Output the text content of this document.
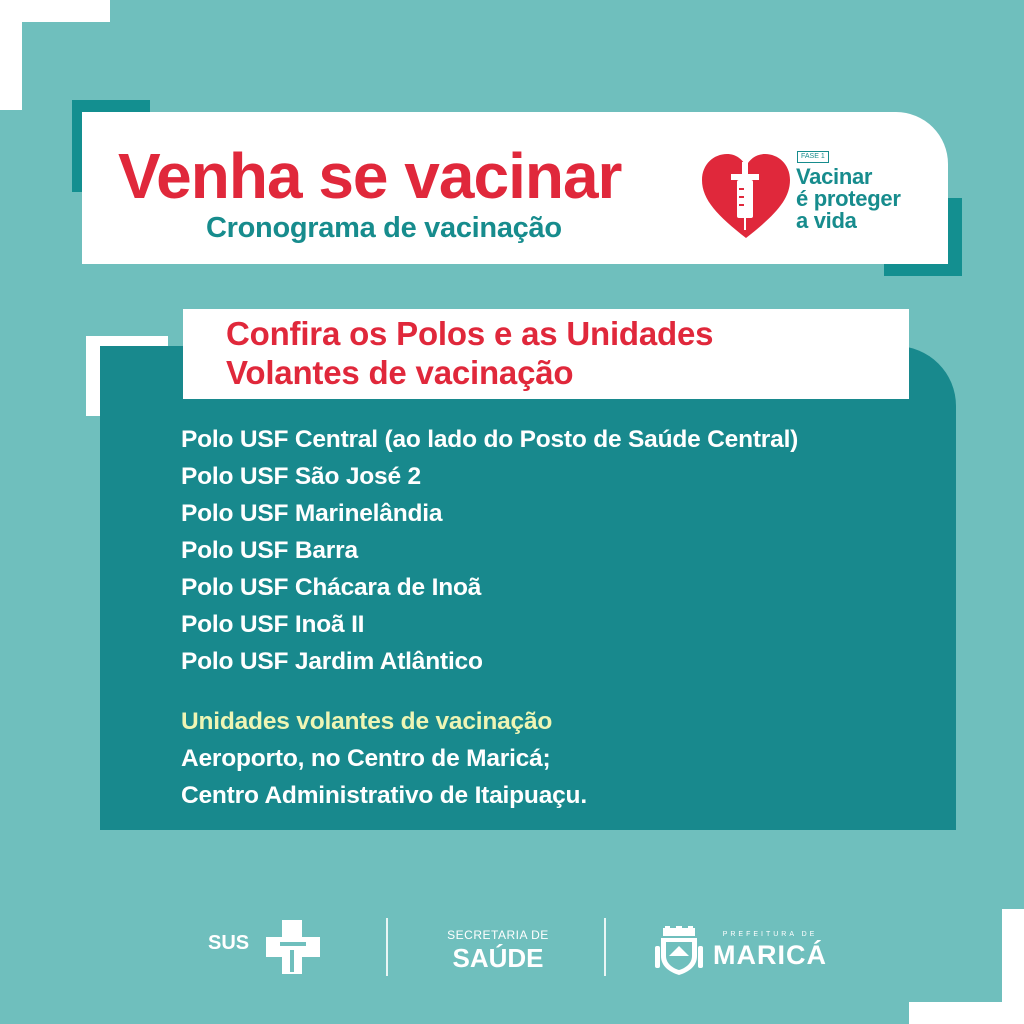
Venha se vacinar
Cronograma de vacinação
FASE 1
Vacinar
é proteger
a vida
Confira os Polos e as Unidades
Volantes de vacinação
Polo USF Central (ao lado do Posto de Saúde Central)
Polo USF São José 2
Polo USF Marinelândia
Polo USF Barra
Polo USF Chácara de Inoã
Polo USF Inoã II
Polo USF Jardim Atlântico
Unidades volantes de vacinação
Aeroporto, no Centro de Maricá;
Centro Administrativo de Itaipuaçu.
SUS	SECRETARIA DE
SAÚDE
PREFEITURA DE
MARICÁ
